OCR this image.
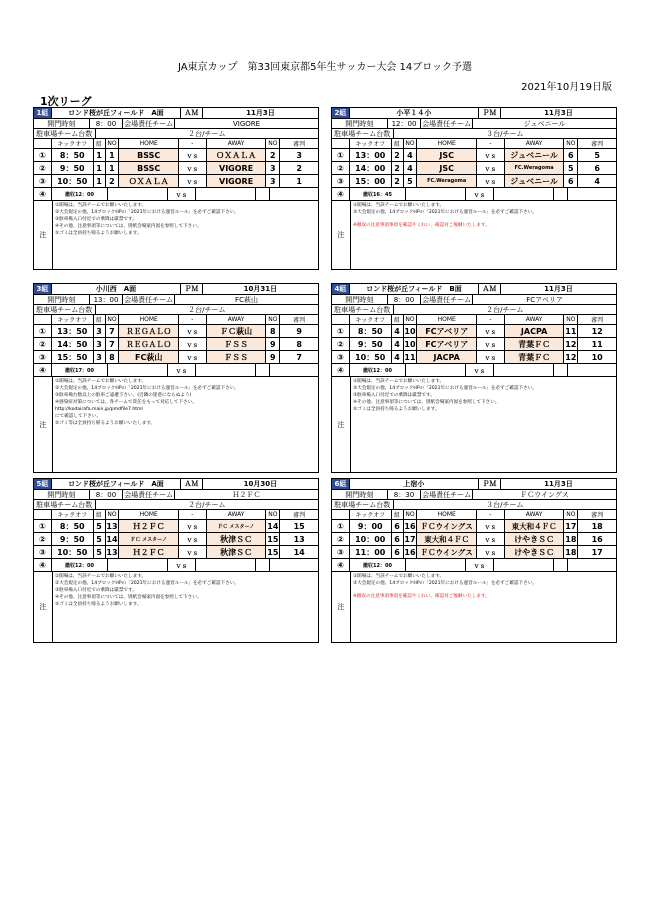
JA東京カップ　第33回東京都5年生サッカー大会 14ブロック予選
2021年10月19日版
1次リーグ
1組	ロンド桜が丘フィールド　A面	ＡＭ	11月3日
開門時刻	8：00	会場責任チーム	VIGORE
駐車場チーム台数	２台/チーム
キックオフ	組 NO	HOME	-	AWAY	NO	審判
①	8：50	1 1	BSSC	ｖｓ	ＯＸＡＬＡ	2	3
②	9：50	1 1	BSSC	ｖｓ	VIGORE	3	2
③	10：50	1 2	ＯＸＡＬＡ	ｖｓ	VIGORE	3	1
④	撤収12：00	ｖｓ
注
①開場は、当該チームでお願いいたします。
②大会規定の他、14ブロックHPの「2021年における運営ルール」を必ずご確認下さい。
③駐車場入口付近での乗降は厳禁です。
④その他、注意事項等については、別紙会場案内図を参照して下さい。
⑤ゴミは全員持ち帰るようお願いします。
2組	小平１４小	ＰＭ	11月3日
開門時刻	12：00 会場責任チーム	ジュベニール
駐車場チーム台数	３台/チーム
キックオフ	組 NO	HOME	-	AWAY	NO	審判
①	13：00	2 4	JSC	ｖｓ	ジュベニール	6	5
②	14：00	2 4	JSC	ｖｓ	FC.Weragoma	5	6
③	15：00	2 5	FC.Weragoma	ｖｓ	ジュベニール	6	4
④	撤収16：45	ｖｓ
注
①開場は、当該チームでお願いいたします。
②大会規定の他、14ブロックHPの「2021年における運営ルール」を必ずご確認下さい。
※撤収の注意事項事項を確認やくれい、確認対ご後継いたします。
3組	小川西　A面	ＰＭ	10月31日
開門時刻	13：00 会場責任チーム	FC萩山
駐車場チーム台数	２台/チーム
キックオフ	組 NO	HOME	-	AWAY	NO	審判
①	13：50	3 7	ＲＥＧＡＬＯ	ｖｓ	ＦＣ萩山	8	9
②	14：50	3 7	ＲＥＧＡＬＯ	ｖｓ	ＦＳＳ	9	8
③	15：50	3 8	FC萩山	ｖｓ	ＦＳＳ	9	7
④	撤収17：00	ｖｓ
注
①開場は、当該チームでお願いいたします。
②大会規定の他、14ブロックHPの「2021年における運営ルール」を必ずご確認下さい。
③駐車場台数以上の駐車ご遠慮下さい。(近隣の迷惑にならぬよう)
④感染症対策については、各チームで責任をもって対応して下さい。
http://kodairafa.main.jp/pmdfile7.html
にて確認して下さい。
⑤ゴミ等は全員持ち帰るようお願いいたします。
4組	ロンド桜が丘フィールド　B面	ＡＭ	11月3日
開門時刻	8：00	会場責任チーム	FCアベリア
駐車場チーム台数	２台/チーム
キックオフ	組 NO	HOME	-	AWAY	NO	審判
①	8：50	4 10	FCアベリア	ｖｓ	JACPA	11	12
②	9：50	4 10	FCアベリア	ｖｓ	青葉ＦＣ	12	11
③	10：50	4 11	JACPA	ｖｓ	青葉ＦＣ	12	10
④	撤収12：00	ｖｓ
注
①開場は、当該チームでお願いいたします。
②大会規定の他、14ブロックHPの「2021年における運営ルール」を必ずご確認下さい。
③駐車場入口付近での乗降は厳禁です。
④その他、注意事項等については、別紙会場案内図を参照して下さい。
⑤ゴミは全員持ち帰るようお願いします。
5組	ロンド桜が丘フィールド　A面	ＡＭ	10月30日
開門時刻	8：00	会場責任チーム	Ｈ２ＦＣ
駐車場チーム台数	２台/チーム
キックオフ	組 NO	HOME	-	AWAY	NO	審判
①	8：50	5 13	Ｈ２ＦＣ	ｖｓ	ＦＣ メスターノ	14	15
②	9：50	5 14	ＦＣ メスターノ	ｖｓ	秋津ＳＣ	15	13
③	10：50	5 13	Ｈ２ＦＣ	ｖｓ	秋津ＳＣ	15	14
④	撤収12：00	ｖｓ
注
①開場は、当該チームでお願いいたします。
②大会規定の他、14ブロックHPの「2021年における運営ルール」を必ずご確認下さい。
③駐車場入口付近での乗降は厳禁です。
④その他、注意事項等については、別紙会場案内図を参照して下さい。
⑤ゴミは全員持ち帰るようお願いします。
6組	上宿小	ＰＭ	11月3日
開門時刻	8：30	会場責任チーム	ＦＣウイングス
駐車場チーム台数	３台/チーム
キックオフ	組 NO	HOME	-	AWAY	NO	審判
①	9：00	6 16 ＦＣウイングス	ｖｓ	東大和４ＦＣ	17	18
②	10：00	6 17	東大和４ＦＣ	ｖｓ	けやきＳＣ	18	16
③	11：00	6 16 ＦＣウイングス	ｖｓ	けやきＳＣ	18	17
④	撤収12：00	ｖｓ
注
①開場は、当該チームでお願いいたします。
②大会規定の他、14ブロックHPの「2021年における運営ルール」を必ずご確認下さい。
※撤収の注意事項事項を確認やくれい、確認対ご後継いたします。
